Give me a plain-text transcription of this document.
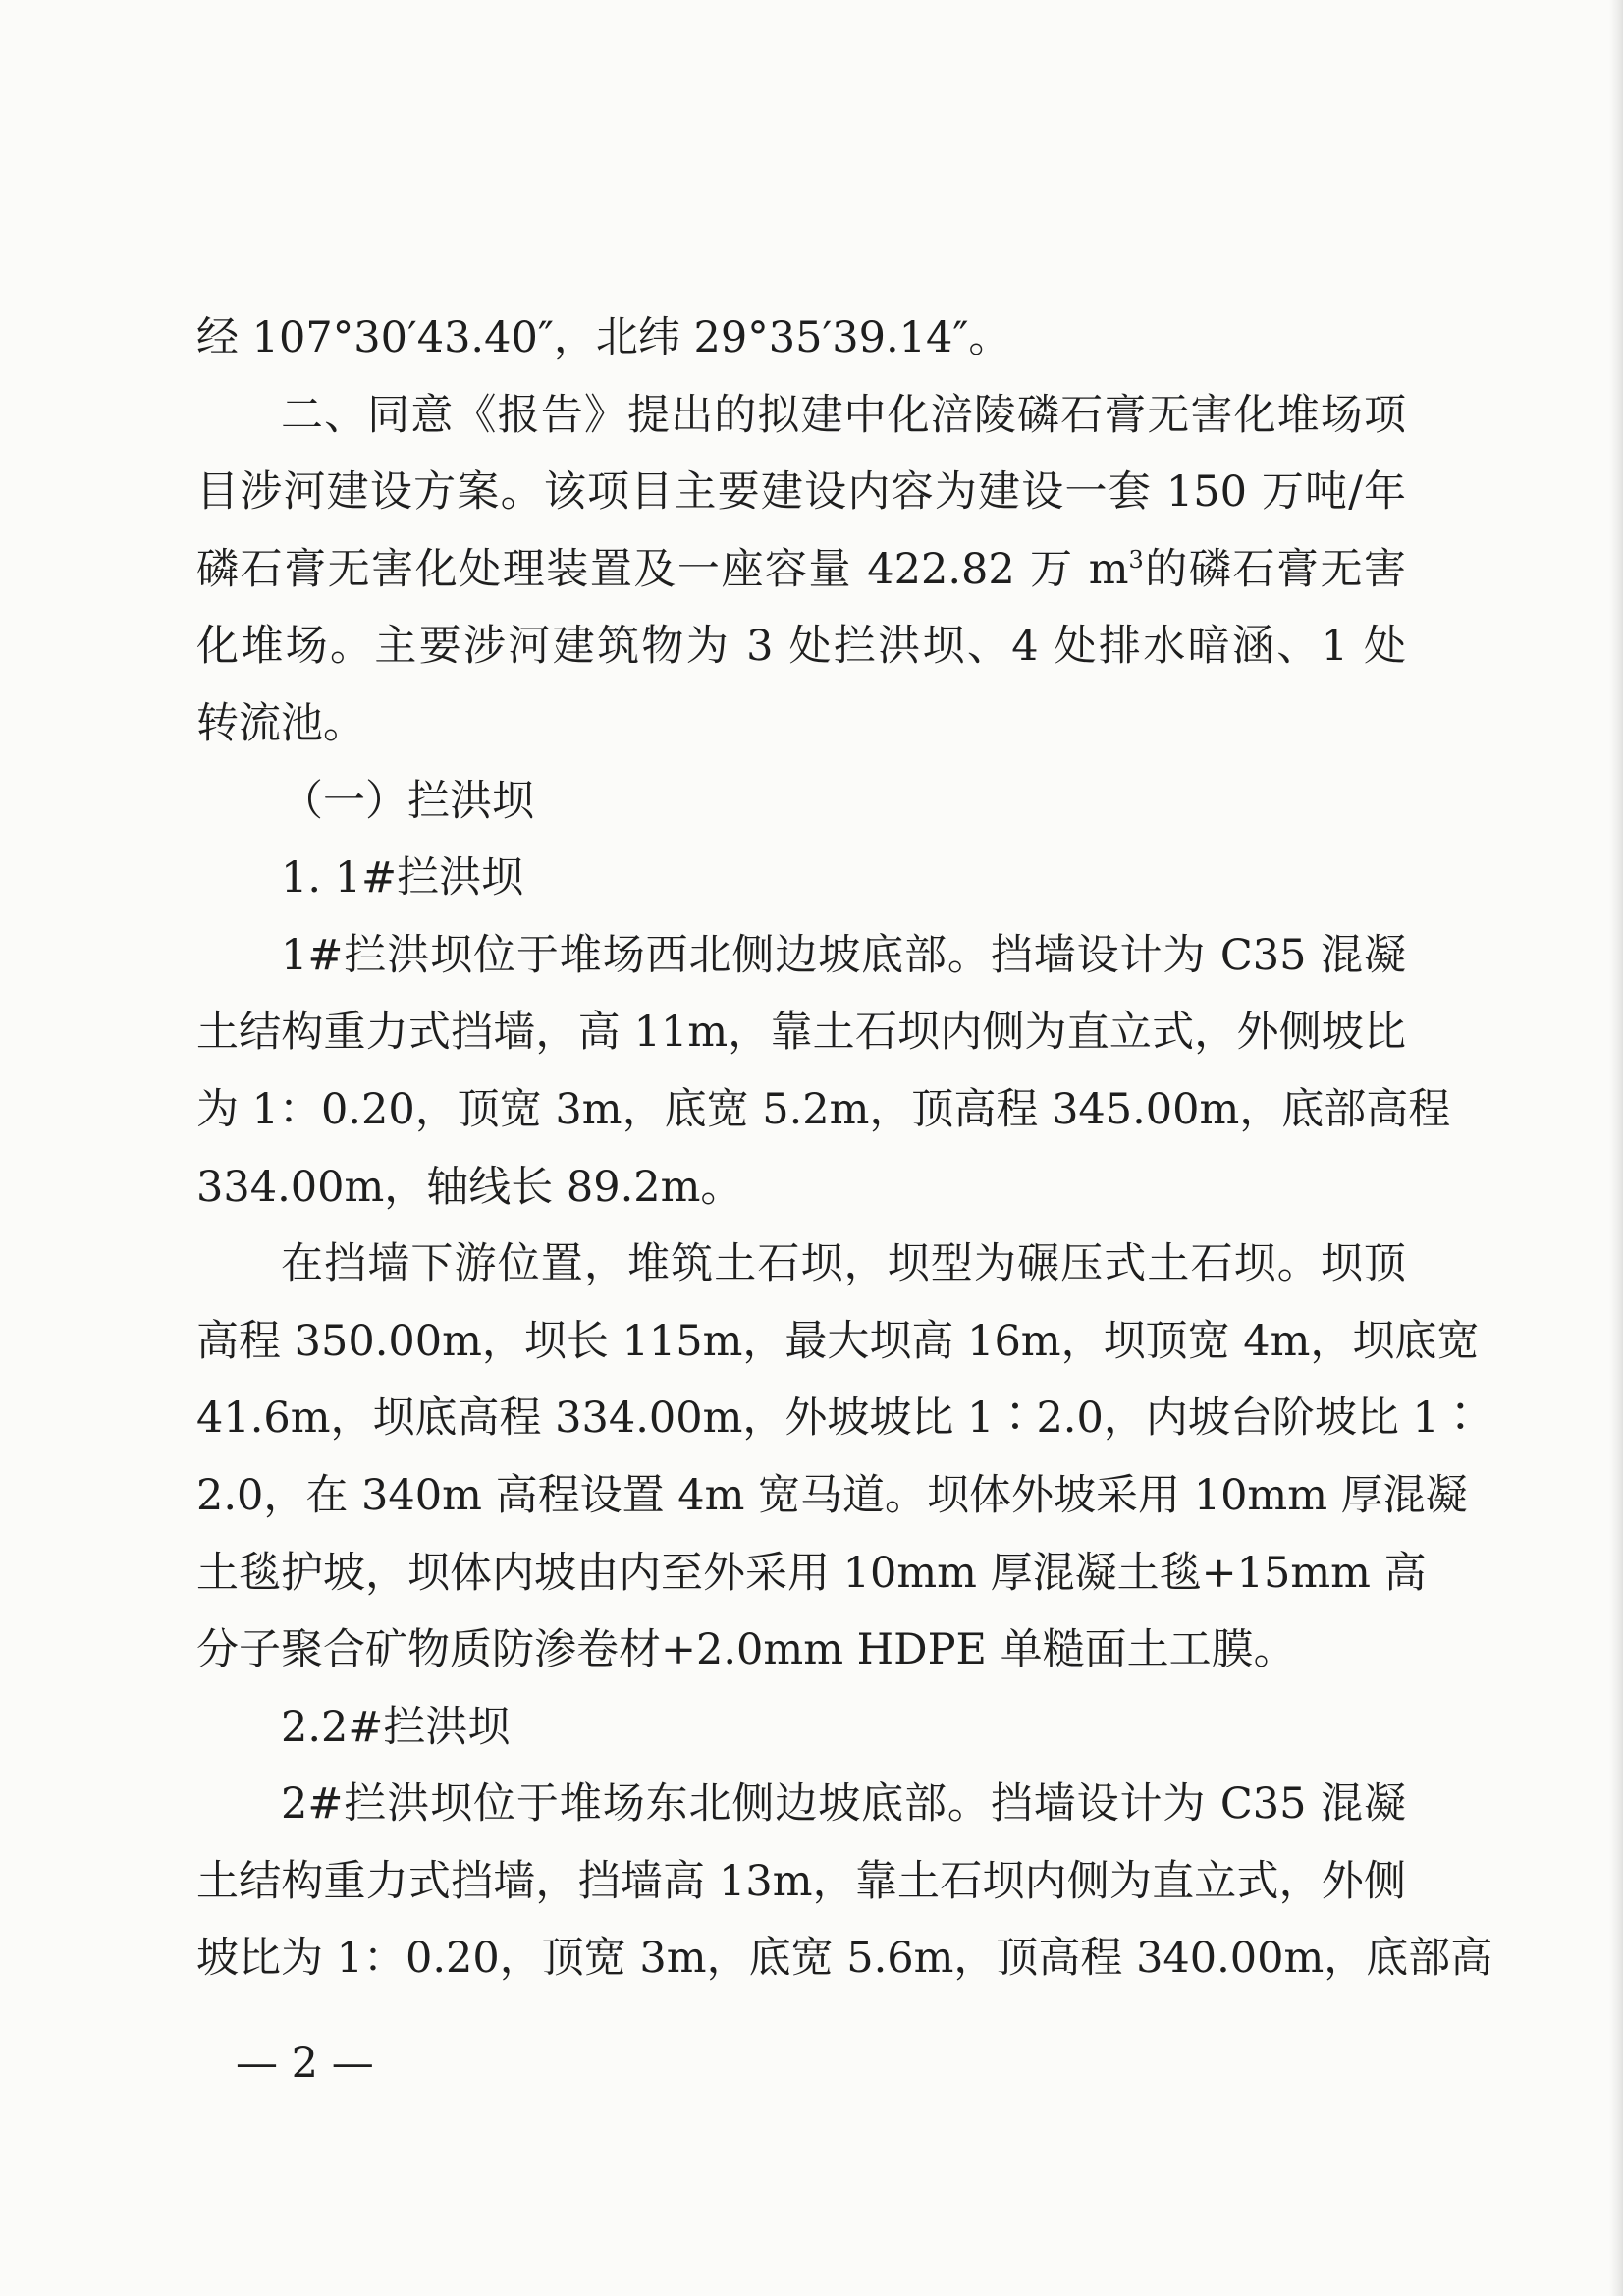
经 107°30′43.40″，北纬 29°35′39.14″。
二、同意《报告》提出的拟建中化涪陵磷石膏无害化堆场项
目涉河建设方案。该项目主要建设内容为建设一套 150 万吨/年
磷石膏无害化处理装置及一座容量 422.82 万 $m^3$的磷石膏无害
化堆场。主要涉河建筑物为 3 处拦洪坝、4 处排水暗涵、1 处
转流池。
（一）拦洪坝
1. 1#拦洪坝
1#拦洪坝位于堆场西北侧边坡底部。挡墙设计为 C35 混凝
土结构重力式挡墙，高 11m，靠土石坝内侧为直立式，外侧坡比
为 1：0.20，顶宽 3m，底宽 5.2m，顶高程 345.00m，底部高程
334.00m，轴线长 89.2m。
在挡墙下游位置，堆筑土石坝，坝型为碾压式土石坝。坝顶
高程 350.00m，坝长 115m，最大坝高 16m，坝顶宽 4m，坝底宽
41.6m，坝底高程 334.00m，外坡坡比 1∶2.0，内坡台阶坡比 1∶
2.0，在 340m 高程设置 4m 宽马道。坝体外坡采用 10mm 厚混凝
土毯护坡，坝体内坡由内至外采用 10mm 厚混凝土毯+15mm 高
分子聚合矿物质防渗卷材+2.0mm HDPE 单糙面土工膜。
2.2#拦洪坝
2#拦洪坝位于堆场东北侧边坡底部。挡墙设计为 C35 混凝
土结构重力式挡墙，挡墙高 13m，靠土石坝内侧为直立式，外侧
坡比为 1：0.20，顶宽 3m，底宽 5.6m，顶高程 340.00m，底部高
— 2 —
